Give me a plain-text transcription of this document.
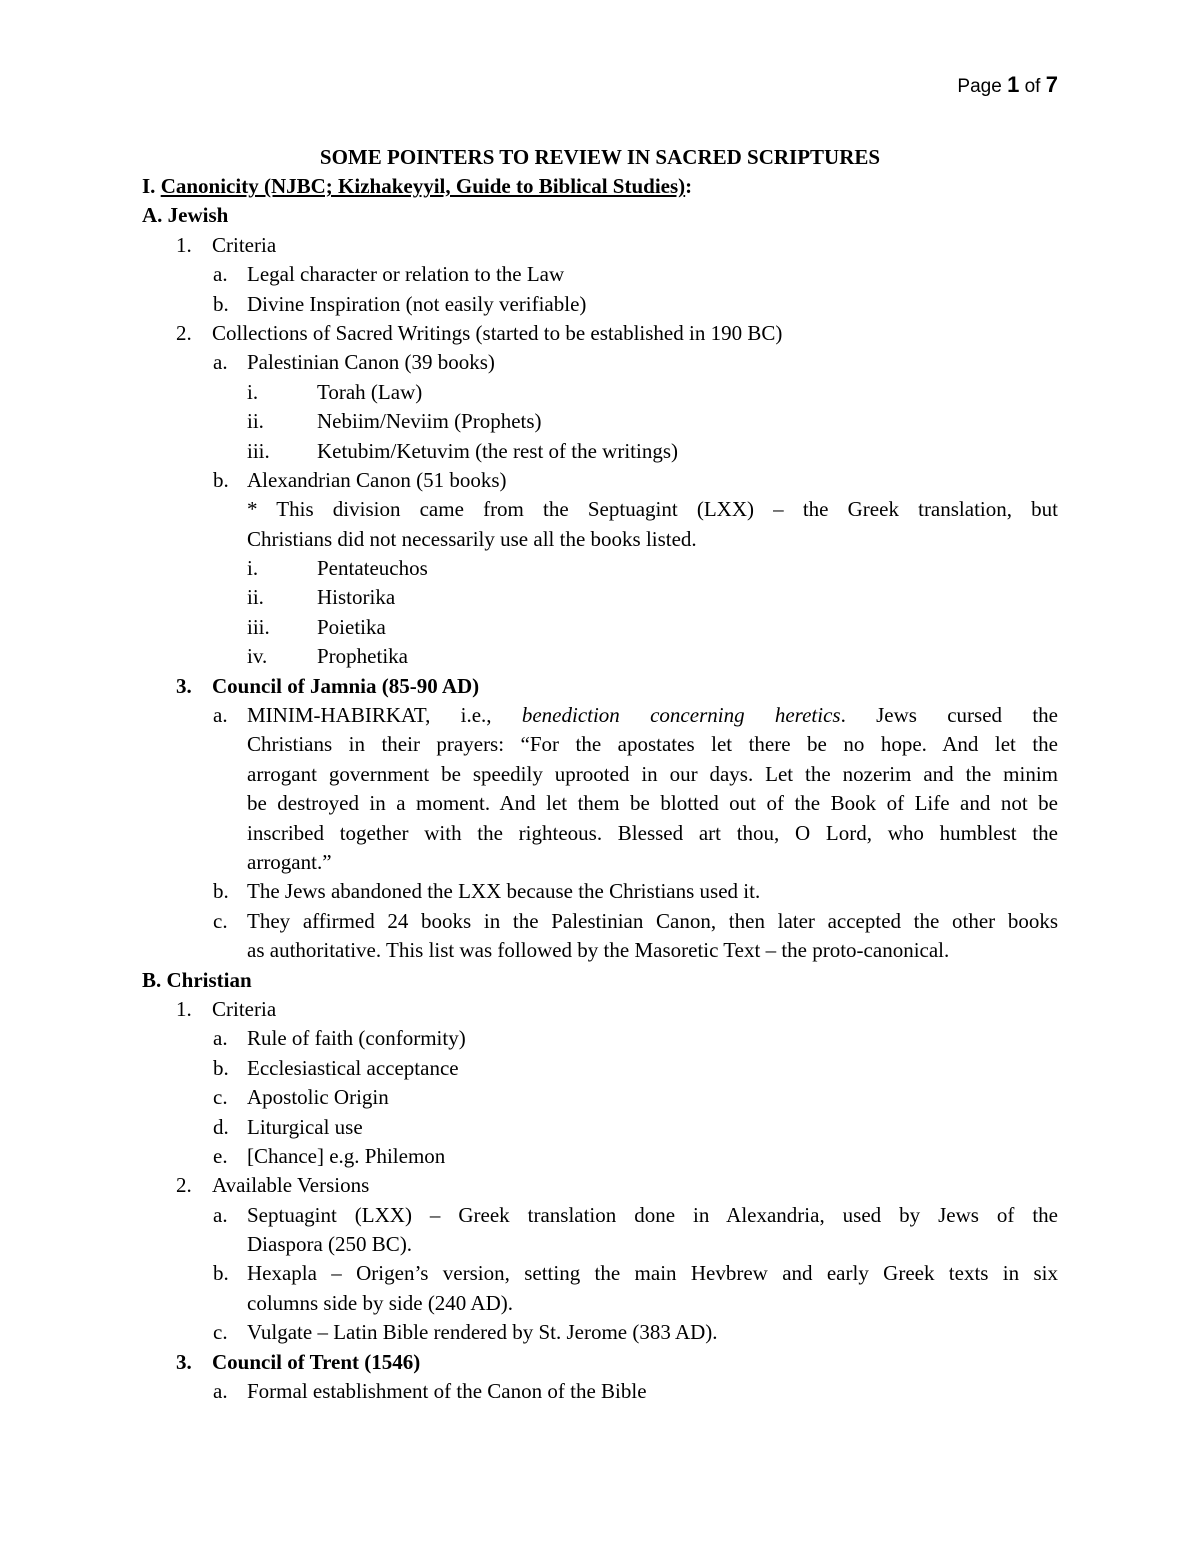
Page 1 of 7
SOME POINTERS TO REVIEW IN SACRED SCRIPTURES
I. Canonicity (NJBC; Kizhakeyyil, Guide to Biblical Studies):
A. Jewish
1. Criteria
a. Legal character or relation to the Law
b. Divine Inspiration (not easily verifiable)
2. Collections of Sacred Writings (started to be established in 190 BC)
a. Palestinian Canon (39 books)
i.	Torah (Law)
ii.	Nebiim/Neviim (Prophets)
iii. Ketubim/Ketuvim (the rest of the writings)
b. Alexandrian Canon (51 books)
* This division came from the Septuagint (LXX) – the Greek translation, but
Christians did not necessarily use all the books listed.
i.	Pentateuchos
ii.	Historika
iii. Poietika
iv. Prophetika
3. Council of Jamnia (85-90 AD)
a. MINIM-HABIRKAT, i.e., benediction concerning heretics. Jews cursed the
Christians in their prayers: “For the apostates let there be no hope. And let the
arrogant government be speedily uprooted in our days. Let the nozerim and the minim
be destroyed in a moment. And let them be blotted out of the Book of Life and not be
inscribed together with the righteous. Blessed art thou, O Lord, who humblest the
arrogant.”
b. The Jews abandoned the LXX because the Christians used it.
c. They affirmed 24 books in the Palestinian Canon, then later accepted the other books
as authoritative. This list was followed by the Masoretic Text – the proto-canonical.
B. Christian
1. Criteria
a. Rule of faith (conformity)
b. Ecclesiastical acceptance
c. Apostolic Origin
d. Liturgical use
e. [Chance] e.g. Philemon
2. Available Versions
a. Septuagint (LXX) – Greek translation done in Alexandria, used by Jews of the
Diaspora (250 BC).
b. Hexapla – Origen’s version, setting the main Hevbrew and early Greek texts in six
columns side by side (240 AD).
c. Vulgate – Latin Bible rendered by St. Jerome (383 AD).
3. Council of Trent (1546)
a. Formal establishment of the Canon of the Bible
